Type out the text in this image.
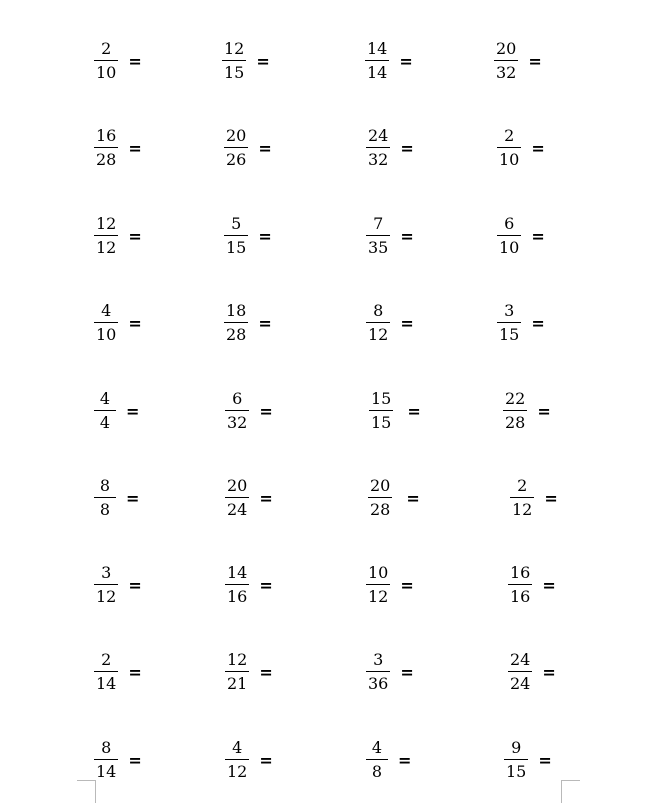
$\frac{2}{10}$ =	$\frac{12}{15}$ =	$\frac{14}{14}$ =	$\frac{20}{32}$ =
$\frac{16}{28}$ =	$\frac{20}{26}$ =	$\frac{24}{32}$ =	$\frac{2}{10}$ =
$\frac{12}{12}$ =	$\frac{5}{15}$ =	$\frac{7}{35}$ =	$\frac{6}{10}$ =
$\frac{4}{10}$ =	$\frac{18}{28}$ =	$\frac{8}{12}$ =	$\frac{3}{15}$ =
$\frac{4}{4}$ =	$\frac{6}{32}$ =	$\frac{15}{15}$ =	$\frac{22}{28}$ =
$\frac{8}{8}$ =	$\frac{20}{24}$ =	$\frac{20}{28}$ =	$\frac{2}{12}$ =
$\frac{3}{12}$ =	$\frac{14}{16}$ =	$\frac{10}{12}$ =	$\frac{16}{16}$ =
$\frac{2}{14}$ =	$\frac{12}{21}$ =	$\frac{3}{36}$ =	$\frac{24}{24}$ =
$\frac{8}{14}$ =	$\frac{4}{12}$ =	$\frac{4}{8}$ =	$\frac{9}{15}$ =
